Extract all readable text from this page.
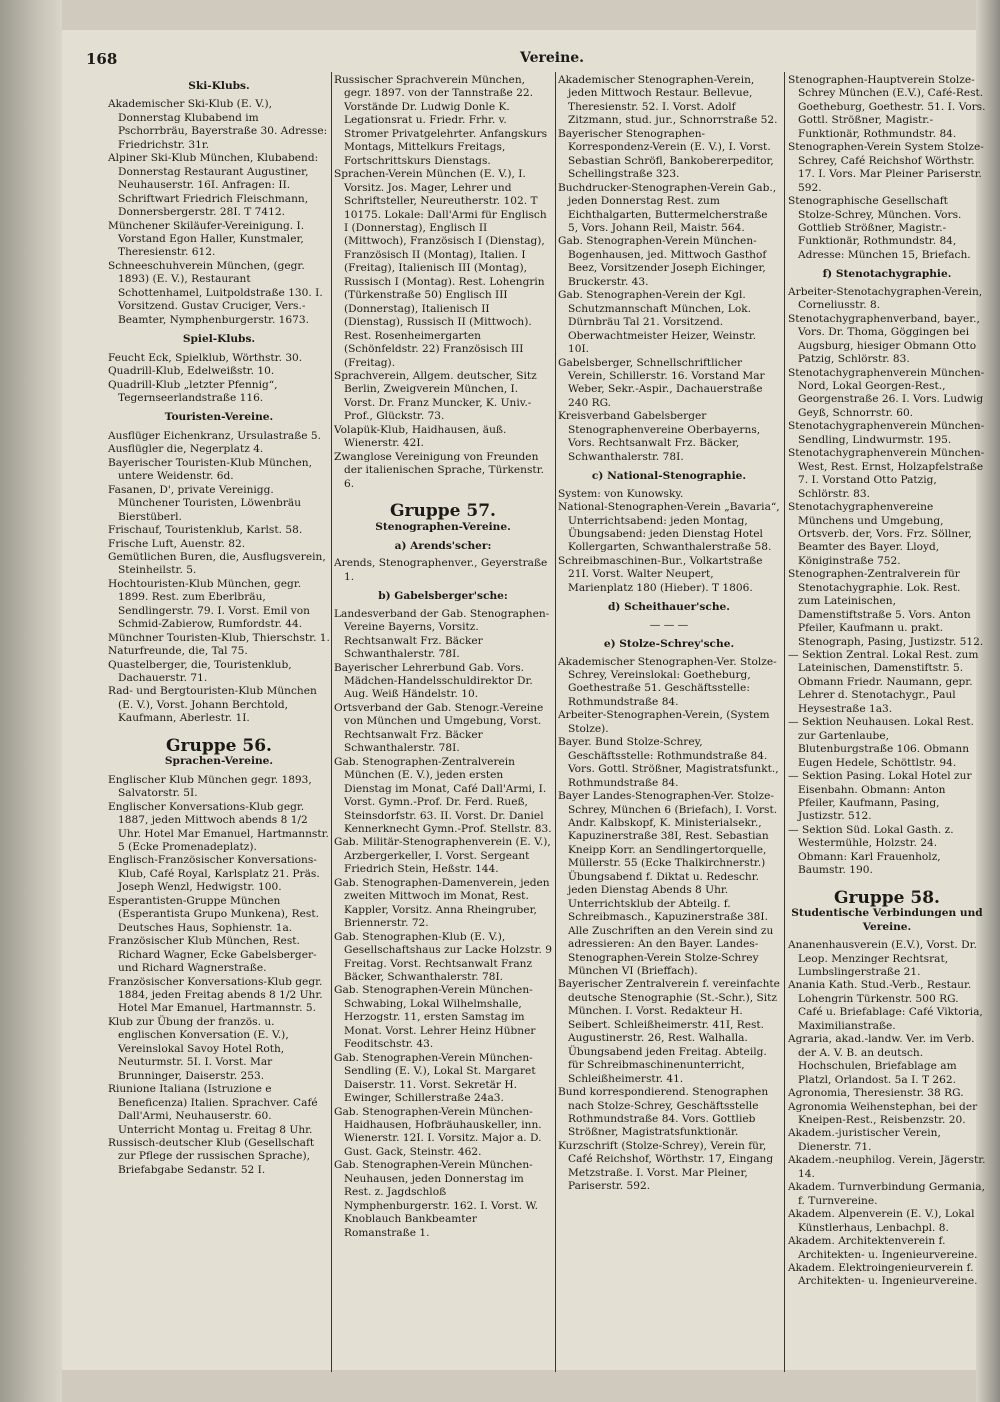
168	Vereine.
Ski-Klubs.
Akademischer Ski-Klub (E. V.), Donnerstag Klubabend im Pschorrbräu, Bayerstraße 30. Adresse: Friedrichstr. 31r.
Alpiner Ski-Klub München, Klubabend: Donnerstag Restaurant Augustiner, Neuhauserstr. 16I. Anfragen: II. Schriftwart Friedrich Fleischmann, Donnersbergerstr. 28I. T 7412.
Münchener Skiläufer-Vereinigung. I. Vorstand Egon Haller, Kunstmaler, Theresienstr. 612.
Schneeschuhverein München, (gegr. 1893) (E. V.), Restaurant Schottenhamel, Luitpoldstraße 130. I. Vorsitzend. Gustav Cruciger, Vers.-Beamter, Nymphenburgerstr. 1673.
Spiel-Klubs.
Feucht Eck, Spielklub, Wörthstr. 30.
Quadrill-Klub, Edelweißstr. 10.
Quadrill-Klub „letzter Pfennig“, Tegernseerlandstraße 116.
Touristen-Vereine.
Ausflüger Eichenkranz, Ursulastraße 5.
Ausflügler die, Negerplatz 4.
Bayerischer Touristen-Klub München, untere Weidenstr. 6d.
Fasanen, D', private Vereinigg. Münchener Touristen, Löwenbräu Bierstüberl.
Frischauf, Touristenklub, Karlst. 58.
Frische Luft, Auenstr. 82.
Gemütlichen Buren, die, Ausflugsverein, Steinheilstr. 5.
Hochtouristen-Klub München, gegr. 1899. Rest. zum Eberlbräu, Sendlingerstr. 79. I. Vorst. Emil von Schmid-Zabierow, Rumfordstr. 44.
Münchner Touristen-Klub, Thierschstr. 1.
Naturfreunde, die, Tal 75.
Quastelberger, die, Touristenklub, Dachauerstr. 71.
Rad- und Bergtouristen-Klub München (E. V.), Vorst. Johann Berchtold, Kaufmann, Aberlestr. 1I.
Gruppe 56.
Sprachen-Vereine.
Englischer Klub München gegr. 1893, Salvatorstr. 5I.
Englischer Konversations-Klub gegr. 1887, jeden Mittwoch abends 8 1/2 Uhr. Hotel Mar Emanuel, Hartmannstr. 5 (Ecke Promenadeplatz).
Englisch-Französischer Konversations-Klub, Café Royal, Karlsplatz 21. Präs. Joseph Wenzl, Hedwigstr. 100.
Esperantisten-Gruppe München (Esperantista Grupo Munkena), Rest. Deutsches Haus, Sophienstr. 1a.
Französischer Klub München, Rest. Richard Wagner, Ecke Gabelsberger- und Richard Wagnerstraße.
Französischer Konversations-Klub gegr. 1884, jeden Freitag abends 8 1/2 Uhr. Hotel Mar Emanuel, Hartmannstr. 5.
Klub zur Übung der französ. u. englischen Konversation (E. V.), Vereinslokal Savoy Hotel Roth, Neuturmstr. 5I. I. Vorst. Mar Brunninger, Daiserstr. 253.
Riunione Italiana (Istruzione e Beneficenza) Italien. Sprachver. Café Dall'Armi, Neuhauserstr. 60. Unterricht Montag u. Freitag 8 Uhr.
Russisch-deutscher Klub (Gesellschaft zur Pflege der russischen Sprache), Briefabgabe Sedanstr. 52 I.
Russischer Sprachverein München, gegr. 1897. von der Tannstraße 22. Vorstände Dr. Ludwig Donle K. Legationsrat u. Friedr. Frhr. v. Stromer Privatgelehrter. Anfangskurs Montags, Mittelkurs Freitags, Fortschrittskurs Dienstags.
Sprachen-Verein München (E. V.), I. Vorsitz. Jos. Mager, Lehrer und Schriftsteller, Neureutherstr. 102. T 10175. Lokale: Dall'Armi für Englisch I (Donnerstag), Englisch II (Mittwoch), Französisch I (Dienstag), Französisch II (Montag), Italien. I (Freitag), Italienisch III (Montag), Russisch I (Montag). Rest. Lohengrin (Türkenstraße 50) Englisch III (Donnerstag), Italienisch II (Dienstag), Russisch II (Mittwoch). Rest. Rosenheimergarten (Schönfeldstr. 22) Französisch III (Freitag).
Sprachverein, Allgem. deutscher, Sitz Berlin, Zweigverein München, I. Vorst. Dr. Franz Muncker, K. Univ.-Prof., Glückstr. 73.
Volapük-Klub, Haidhausen, äuß. Wienerstr. 42I.
Zwanglose Vereinigung von Freunden der italienischen Sprache, Türkenstr. 6.
Gruppe 57.
Stenographen-Vereine.
a) Arends'scher:
Arends, Stenographenver., Geyerstraße 1.
b) Gabelsberger'sche:
Landesverband der Gab. Stenographen-Vereine Bayerns, Vorsitz. Rechtsanwalt Frz. Bäcker Schwanthalerstr. 78I.
Bayerischer Lehrerbund Gab. Vors. Mädchen-Handelsschuldirektor Dr. Aug. Weiß Händelstr. 10.
Ortsverband der Gab. Stenogr.-Vereine von München und Umgebung, Vorst. Rechtsanwalt Frz. Bäcker Schwanthalerstr. 78I.
Gab. Stenographen-Zentralverein München (E. V.), jeden ersten Dienstag im Monat, Café Dall'Armi, I. Vorst. Gymn.-Prof. Dr. Ferd. Rueß, Steinsdorfstr. 63. II. Vorst. Dr. Daniel Kennerknecht Gymn.-Prof. Stellstr. 83.
Gab. Militär-Stenographenverein (E. V.), Arzbergerkeller, I. Vorst. Sergeant Friedrich Stein, Heßstr. 144.
Gab. Stenographen-Damenverein, jeden zweiten Mittwoch im Monat, Rest. Kappler, Vorsitz. Anna Rheingruber, Briennerstr. 72.
Gab. Stenographen-Klub (E. V.), Gesellschaftshaus zur Lacke Holzstr. 9 Freitag. Vorst. Rechtsanwalt Franz Bäcker, Schwanthalerstr. 78I.
Gab. Stenographen-Verein München-Schwabing, Lokal Wilhelmshalle, Herzogstr. 11, ersten Samstag im Monat. Vorst. Lehrer Heinz Hübner Feoditschstr. 43.
Gab. Stenographen-Verein München-Sendling (E. V.), Lokal St. Margaret Daiserstr. 11. Vorst. Sekretär H. Ewinger, Schillerstraße 24a3.
Gab. Stenographen-Verein München-Haidhausen, Hofbräuhauskeller, inn. Wienerstr. 12I. I. Vorsitz. Major a. D. Gust. Gack, Steinstr. 462.
Gab. Stenographen-Verein München-Neuhausen, jeden Donnerstag im Rest. z. Jagdschloß Nymphenburgerstr. 162. I. Vorst. W. Knoblauch Bankbeamter Romanstraße 1.
Akademischer Stenographen-Verein, jeden Mittwoch Restaur. Bellevue, Theresienstr. 52. I. Vorst. Adolf Zitzmann, stud. jur., Schnorrstraße 52.
Bayerischer Stenographen-Korrespondenz-Verein (E. V.), I. Vorst. Sebastian Schröfl, Bankobererpeditor, Schellingstraße 323.
Buchdrucker-Stenographen-Verein Gab., jeden Donnerstag Rest. zum Eichthalgarten, Buttermelcherstraße 5, Vors. Johann Reil, Maistr. 564.
Gab. Stenographen-Verein München-Bogenhausen, jed. Mittwoch Gasthof Beez, Vorsitzender Joseph Eichinger, Bruckerstr. 43.
Gab. Stenographen-Verein der Kgl. Schutzmannschaft München, Lok. Dürnbräu Tal 21. Vorsitzend. Oberwachtmeister Heizer, Weinstr. 10I.
Gabelsberger, Schnellschriftlicher Verein, Schillerstr. 16. Vorstand Mar Weber, Sekr.-Aspir., Dachauerstraße 240 RG.
Kreisverband Gabelsberger Stenographenvereine Oberbayerns, Vors. Rechtsanwalt Frz. Bäcker, Schwanthalerstr. 78I.
c) National-Stenographie.
System: von Kunowsky.
National-Stenographen-Verein „Bavaria“, Unterrichtsabend: jeden Montag, Übungsabend: jeden Dienstag Hotel Kollergarten, Schwanthalerstraße 58.
Schreibmaschinen-Bur., Volkartstraße 21I. Vorst. Walter Neupert, Marienplatz 180 (Hieber). T 1806.
d) Scheithauer'sche.
— — —
e) Stolze-Schrey'sche.
Akademischer Stenographen-Ver. Stolze-Schrey, Vereinslokal: Goetheburg, Goethestraße 51. Geschäftsstelle: Rothmundstraße 84.
Arbeiter-Stenographen-Verein, (System Stolze).
Bayer. Bund Stolze-Schrey, Geschäftsstelle: Rothmundstraße 84. Vors. Gottl. Strößner, Magistratsfunkt., Rothmundstraße 84.
Bayer Landes-Stenographen-Ver. Stolze-Schrey, München 6 (Briefach), I. Vorst. Andr. Kalbskopf, K. Ministerialsekr., Kapuzinerstraße 38I, Rest. Sebastian Kneipp Korr. an Sendlingertorquelle, Müllerstr. 55 (Ecke Thalkirchnerstr.) Übungsabend f. Diktat u. Redeschr. jeden Dienstag Abends 8 Uhr. Unterrichtsklub der Abteilg. f. Schreibmasch., Kapuzinerstraße 38I. Alle Zuschriften an den Verein sind zu adressieren: An den Bayer. Landes-Stenographen-Verein Stolze-Schrey München VI (Brieffach).
Bayerischer Zentralverein f. vereinfachte deutsche Stenographie (St.-Schr.), Sitz München. I. Vorst. Redakteur H. Seibert. Schleißheimerstr. 41I, Rest. Augustinerstr. 26, Rest. Walhalla. Übungsabend jeden Freitag. Abteilg. für Schreibmaschinenunterricht, Schleißheimerstr. 41.
Bund korrespondierend. Stenographen nach Stolze-Schrey, Geschäftsstelle Rothmundstraße 84. Vors. Gottlieb Strößner, Magistratsfunktionär.
Kurzschrift (Stolze-Schrey), Verein für, Café Reichshof, Wörthstr. 17, Eingang Metzstraße. I. Vorst. Mar Pleiner, Pariserstr. 592.
Stenographen-Hauptverein Stolze-Schrey München (E.V.), Café-Rest. Goetheburg, Goethestr. 51. I. Vors. Gottl. Strößner, Magistr.-Funktionär, Rothmundstr. 84.
Stenographen-Verein System Stolze-Schrey, Café Reichshof Wörthstr. 17. I. Vors. Mar Pleiner Pariserstr. 592.
Stenographische Gesellschaft Stolze-Schrey, München. Vors. Gottlieb Strößner, Magistr.-Funktionär, Rothmundstr. 84, Adresse: München 15, Briefach.
f) Stenotachygraphie.
Arbeiter-Stenotachygraphen-Verein, Corneliusstr. 8.
Stenotachygraphenverband, bayer., Vors. Dr. Thoma, Göggingen bei Augsburg, hiesiger Obmann Otto Patzig, Schlörstr. 83.
Stenotachygraphenverein München-Nord, Lokal Georgen-Rest., Georgenstraße 26. I. Vors. Ludwig Geyß, Schnorrstr. 60.
Stenotachygraphenverein München-Sendling, Lindwurmstr. 195.
Stenotachygraphenverein München-West, Rest. Ernst, Holzapfelstraße 7. I. Vorstand Otto Patzig, Schlörstr. 83.
Stenotachygraphenvereine Münchens und Umgebung, Ortsverb. der, Vors. Frz. Söllner, Beamter des Bayer. Lloyd, Königinstraße 752.
Stenographen-Zentralverein für Stenotachygraphie. Lok. Rest. zum Lateinischen, Damenstiftstraße 5. Vors. Anton Pfeiler, Kaufmann u. prakt. Stenograph, Pasing, Justizstr. 512.
— Sektion Zentral. Lokal Rest. zum Lateinischen, Damenstiftstr. 5. Obmann Friedr. Naumann, gepr. Lehrer d. Stenotachygr., Paul Heysestraße 1a3.
— Sektion Neuhausen. Lokal Rest. zur Gartenlaube, Blutenburgstraße 106. Obmann Eugen Hedele, Schöttlstr. 94.
— Sektion Pasing. Lokal Hotel zur Eisenbahn. Obmann: Anton Pfeiler, Kaufmann, Pasing, Justizstr. 512.
— Sektion Süd. Lokal Gasth. z. Westermühle, Holzstr. 24. Obmann: Karl Frauenholz, Baumstr. 190.
Gruppe 58.
Studentische Verbindungen und Vereine.
Ananenhausverein (E.V.), Vorst. Dr. Leop. Menzinger Rechtsrat, Lumbslingerstraße 21.
Anania Kath. Stud.-Verb., Restaur. Lohengrin Türkenstr. 500 RG. Café u. Briefablage: Café Viktoria, Maximilianstraße.
Agraria, akad.-landw. Ver. im Verb. der A. V. B. an deutsch. Hochschulen, Briefablage am Platzl, Orlandost. 5a I. T 262.
Agronomia, Theresienstr. 38 RG.
Agronomia Weihenstephan, bei der Kneipen-Rest., Reisbenzstr. 20.
Akadem.-juristischer Verein, Dienerstr. 71.
Akadem.-neuphilog. Verein, Jägerstr. 14.
Akadem. Turnverbindung Germania, f. Turnvereine.
Akadem. Alpenverein (E. V.), Lokal Künstlerhaus, Lenbachpl. 8.
Akadem. Architektenverein f. Architekten- u. Ingenieurvereine.
Akadem. Elektroingenieurverein f. Architekten- u. Ingenieurvereine.
